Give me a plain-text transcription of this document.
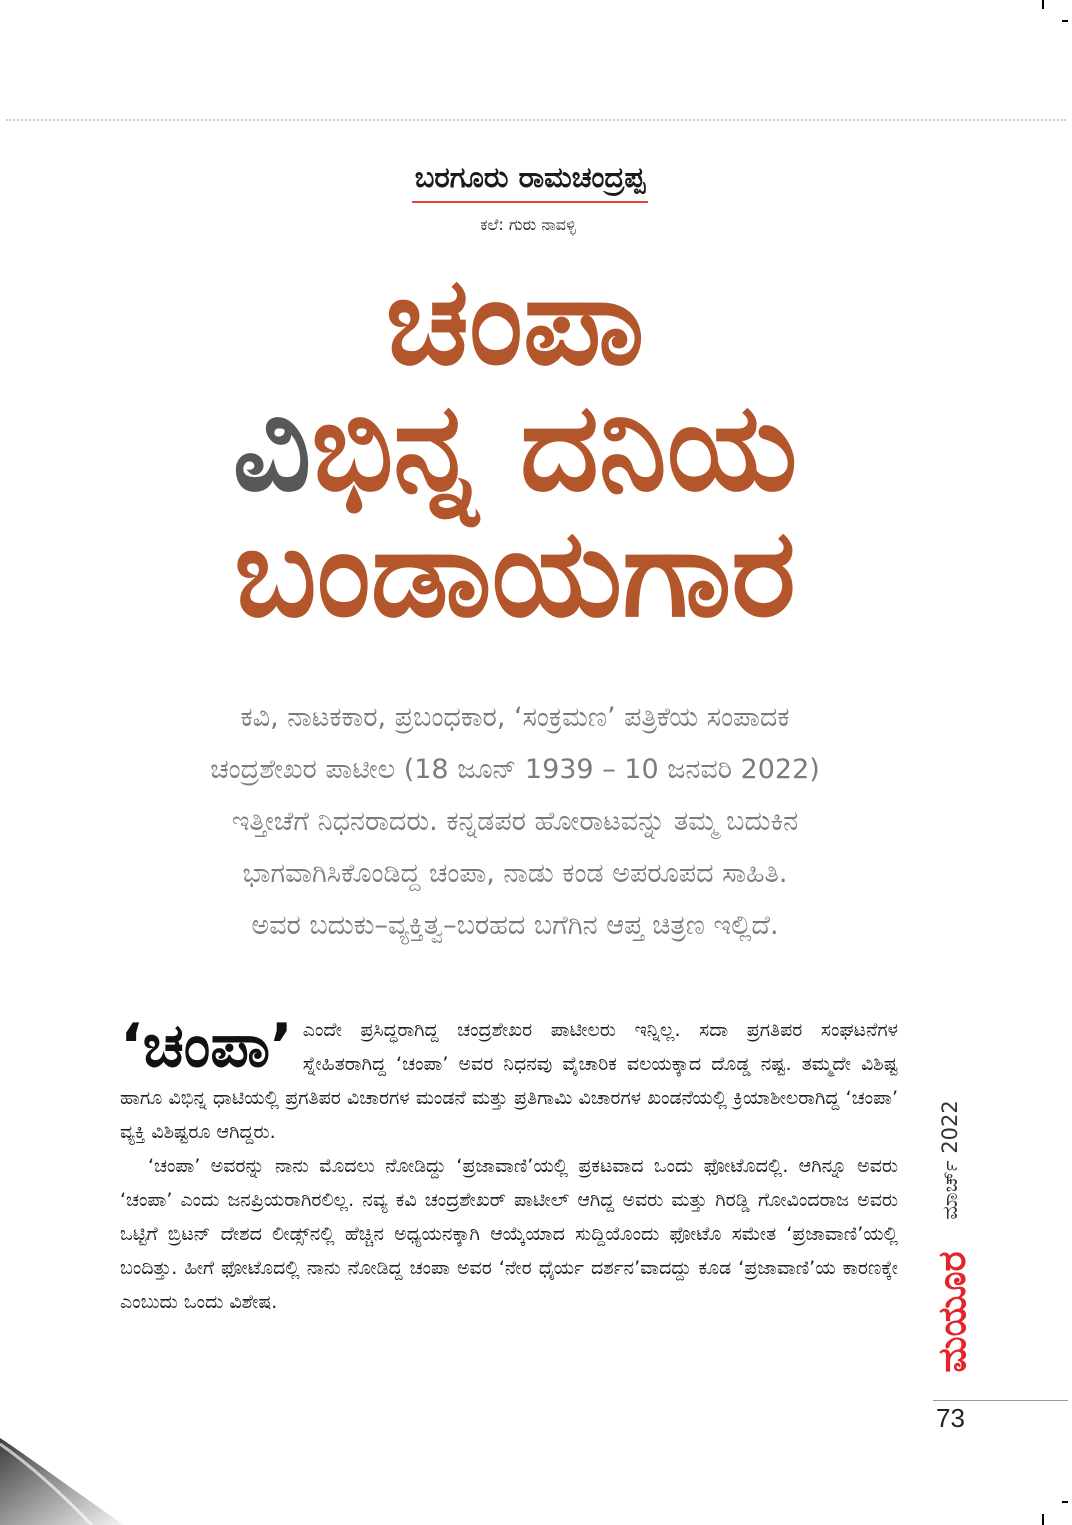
ಬರಗೂರು ರಾಮಚಂದ್ರಪ್ಪ
ಕಲೆ: ಗುರು ನಾವಳ್ಳಿ
ಚಂಪಾ
ವಿಭಿನ್ನ ದನಿಯ
ಬಂಡಾಯಗಾರ
ಕವಿ, ನಾಟಕಕಾರ, ಪ್ರಬಂಧಕಾರ, ‘ಸಂಕ್ರಮಣ’ ಪತ್ರಿಕೆಯ ಸಂಪಾದಕ
ಚಂದ್ರಶೇಖರ ಪಾಟೀಲ (18 ಜೂನ್ 1939 – 10 ಜನವರಿ 2022)
ಇತ್ತೀಚೆಗೆ ನಿಧನರಾದರು. ಕನ್ನಡಪರ ಹೋರಾಟವನ್ನು ತಮ್ಮ ಬದುಕಿನ
ಭಾಗವಾಗಿಸಿಕೊಂಡಿದ್ದ ಚಂಪಾ, ನಾಡು ಕಂಡ ಅಪರೂಪದ ಸಾಹಿತಿ.
ಅವರ ಬದುಕು–ವ್ಯಕ್ತಿತ್ವ–ಬರಹದ ಬಗೆಗಿನ ಆಪ್ತ ಚಿತ್ರಣ ಇಲ್ಲಿದೆ.

‘ಚಂಪಾ’ ಎಂದೇ ಪ್ರಸಿದ್ಧರಾಗಿದ್ದ ಚಂದ್ರಶೇಖರ ಪಾಟೀಲರು ಇನ್ನಿಲ್ಲ. ಸದಾ ಪ್ರಗತಿಪರ ಸಂಘಟನೆಗಳ ಸ್ನೇಹಿತರಾಗಿದ್ದ ‘ಚಂಪಾ’ ಅವರ ನಿಧನವು ವೈಚಾರಿಕ ವಲಯಕ್ಕಾದ ದೊಡ್ಡ ನಷ್ಟ. ತಮ್ಮದೇ ವಿಶಿಷ್ಟ ಹಾಗೂ ವಿಭಿನ್ನ ಧಾಟಿಯಲ್ಲಿ ಪ್ರಗತಿಪರ ವಿಚಾರಗಳ ಮಂಡನೆ ಮತ್ತು ಪ್ರತಿಗಾಮಿ ವಿಚಾರಗಳ ಖಂಡನೆಯಲ್ಲಿ ಕ್ರಿಯಾಶೀಲರಾಗಿದ್ದ ‘ಚಂಪಾ’ ವ್ಯಕ್ತಿ ವಿಶಿಷ್ಟರೂ ಆಗಿದ್ದರು.

‘ಚಂಪಾ’ ಅವರನ್ನು ನಾನು ಮೊದಲು ನೋಡಿದ್ದು ‘ಪ್ರಜಾವಾಣಿ’ಯಲ್ಲಿ ಪ್ರಕಟವಾದ ಒಂದು ಫೋಟೊದಲ್ಲಿ. ಆಗಿನ್ನೂ ಅವರು ‘ಚಂಪಾ’ ಎಂದು ಜನಪ್ರಿಯರಾಗಿರಲಿಲ್ಲ. ನವ್ಯ ಕವಿ ಚಂದ್ರಶೇಖರ್ ಪಾಟೀಲ್ ಆಗಿದ್ದ ಅವರು ಮತ್ತು ಗಿರಡ್ಡಿ ಗೋವಿಂದರಾಜ ಅವರು ಒಟ್ಟಿಗೆ ಬ್ರಿಟನ್ ದೇಶದ ಲೀಡ್ಸ್‌ನಲ್ಲಿ ಹೆಚ್ಚಿನ ಅಧ್ಯಯನಕ್ಕಾಗಿ ಆಯ್ಕೆಯಾದ ಸುದ್ದಿಯೊಂದು ಫೋಟೊ ಸಮೇತ ‘ಪ್ರಜಾವಾಣಿ’ಯಲ್ಲಿ ಬಂದಿತ್ತು. ಹೀಗೆ ಫೋಟೊದಲ್ಲಿ ನಾನು ನೋಡಿದ್ದ ಚಂಪಾ ಅವರ ‘ನೇರ ಧೈರ್ಯ ದರ್ಶನ’ವಾದದ್ದು ಕೂಡ ‘ಪ್ರಜಾವಾಣಿ’ಯ ಕಾರಣಕ್ಕೇ ಎಂಬುದು ಒಂದು ವಿಶೇಷ.

ಮಾರ್ಚ್ 2022
ಮಯೂರ
73
